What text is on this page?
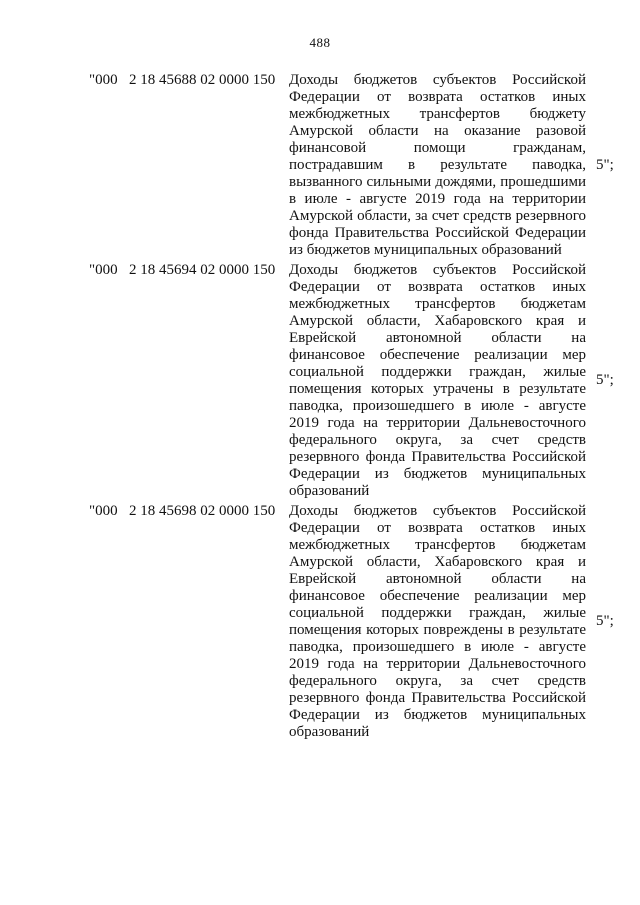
488
"000 2 18 45688 02 0000 150 Доходы бюджетов субъектов Российской
Федерации от возврата остатков иных
межбюджетных трансфертов бюджету
Амурской области на оказание разовой
финансовой помощи гражданам,
пострадавшим в результате паводка,
вызванного сильными дождями, прошедшими
в июле - августе 2019 года на территории
Амурской области, за счет средств резервного
фонда Правительства Российской Федерации
из бюджетов муниципальных образований
5";
"000 2 18 45694 02 0000 150 Доходы бюджетов субъектов Российской
Федерации от возврата остатков иных
межбюджетных трансфертов бюджетам
Амурской области, Хабаровского края и
Еврейской автономной области на
финансовое обеспечение реализации мер
социальной поддержки граждан, жилые
помещения которых утрачены в результате
паводка, произошедшего в июле - августе
2019 года на территории Дальневосточного
федерального округа, за счет средств
резервного фонда Правительства Российской
Федерации из бюджетов муниципальных
образований
5";
"000 2 18 45698 02 0000 150 Доходы бюджетов субъектов Российской
Федерации от возврата остатков иных
межбюджетных трансфертов бюджетам
Амурской области, Хабаровского края и
Еврейской автономной области на
финансовое обеспечение реализации мер
социальной поддержки граждан, жилые
помещения которых повреждены в результате
паводка, произошедшего в июле - августе
2019 года на территории Дальневосточного
федерального округа, за счет средств
резервного фонда Правительства Российской
Федерации из бюджетов муниципальных
образований
5";
